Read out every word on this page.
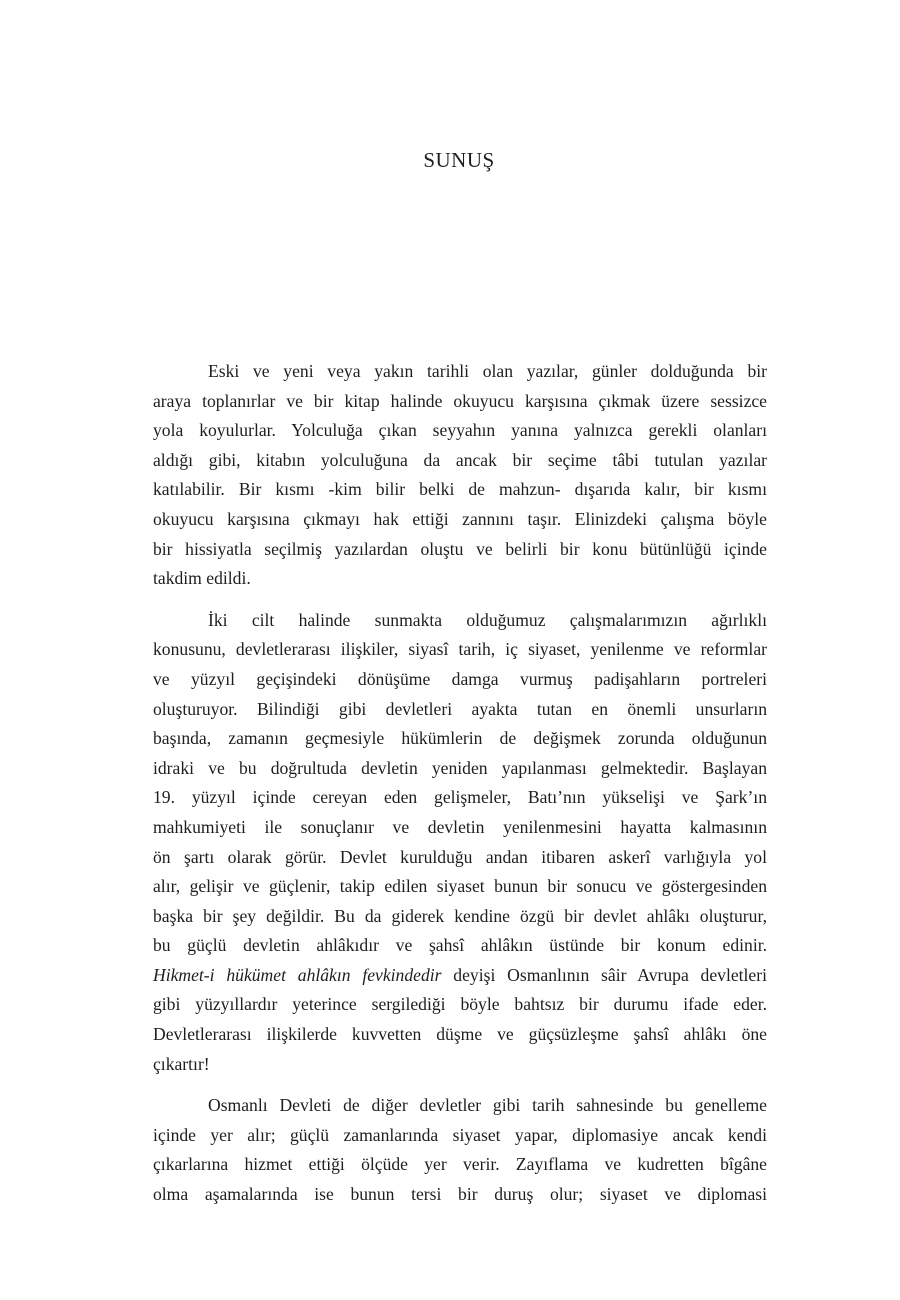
SUNUŞ

Eski ve yeni veya yakın tarihli olan yazılar, günler dolduğunda bir
araya toplanırlar ve bir kitap halinde okuyucu karşısına çıkmak üzere sessizce
yola koyulurlar. Yolculuğa çıkan seyyahın yanına yalnızca gerekli olanları
aldığı gibi, kitabın yolculuğuna da ancak bir seçime tâbi tutulan yazılar
katılabilir. Bir kısmı -kim bilir belki de mahzun- dışarıda kalır, bir kısmı
okuyucu karşısına çıkmayı hak ettiği zannını taşır. Elinizdeki çalışma böyle
bir hissiyatla seçilmiş yazılardan oluştu ve belirli bir konu bütünlüğü içinde
takdim edildi.

İki cilt halinde sunmakta olduğumuz çalışmalarımızın ağırlıklı
konusunu, devletlerarası ilişkiler, siyasî tarih, iç siyaset, yenilenme ve reformlar
ve yüzyıl geçişindeki dönüşüme damga vurmuş padişahların portreleri
oluşturuyor. Bilindiği gibi devletleri ayakta tutan en önemli unsurların
başında, zamanın geçmesiyle hükümlerin de değişmek zorunda olduğunun
idraki ve bu doğrultuda devletin yeniden yapılanması gelmektedir. Başlayan
19. yüzyıl içinde cereyan eden gelişmeler, Batı’nın yükselişi ve Şark’ın
mahkumiyeti ile sonuçlanır ve devletin yenilenmesini hayatta kalmasının
ön şartı olarak görür. Devlet kurulduğu andan itibaren askerî varlığıyla yol
alır, gelişir ve güçlenir, takip edilen siyaset bunun bir sonucu ve göstergesinden
başka bir şey değildir. Bu da giderek kendine özgü bir devlet ahlâkı oluşturur,
bu güçlü devletin ahlâkıdır ve şahsî ahlâkın üstünde bir konum edinir.
Hikmet-i hükümet ahlâkın fevkindedir deyişi Osmanlının sâir Avrupa devletleri
gibi yüzyıllardır yeterince sergilediği böyle bahtsız bir durumu ifade eder.
Devletlerarası ilişkilerde kuvvetten düşme ve güçsüzleşme şahsî ahlâkı öne
çıkartır!

Osmanlı Devleti de diğer devletler gibi tarih sahnesinde bu genelleme
içinde yer alır; güçlü zamanlarında siyaset yapar, diplomasiye ancak kendi
çıkarlarına hizmet ettiği ölçüde yer verir. Zayıflama ve kudretten bîgâne
olma aşamalarında ise bunun tersi bir duruş olur; siyaset ve diplomasi
